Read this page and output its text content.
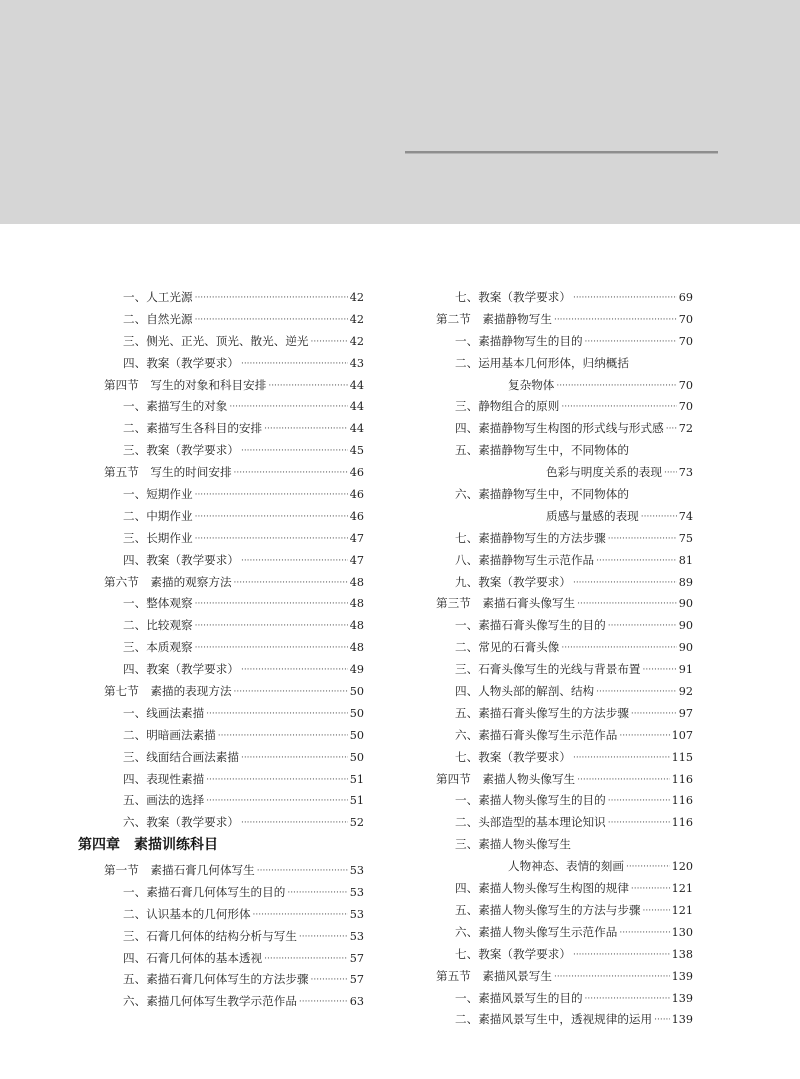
一、人工光源 ·····	42
二、自然光源 ·····	42
三、侧光、正光、顶光、散光、逆光 ·····	42
四、教案（教学要求） ·····	43
第四节　写生的对象和科目安排 ·····	44
一、素描写生的对象 ·····	44
二、素描写生各科目的安排 ·····	44
三、教案（教学要求） ·····	45
第五节　写生的时间安排 ·····	46
一、短期作业 ·····	46
二、中期作业 ·····	46
三、长期作业 ·····	47
四、教案（教学要求） ·····	47
第六节　素描的观察方法 ·····	48
一、整体观察 ·····	48
二、比较观察 ·····	48
三、本质观察 ·····	48
四、教案（教学要求） ·····	49
第七节　素描的表现方法 ·····	50
一、线画法素描 ·····	50
二、明暗画法素描 ·····	50
三、线面结合画法素描 ·····	50
四、表现性素描 ·····	51
五、画法的选择 ·····	51
六、教案（教学要求） ·····	52
第四章　素描训练科目
第一节　素描石膏几何体写生 ·····	53
一、素描石膏几何体写生的目的 ·····	53
二、认识基本的几何形体 ·····	53
三、石膏几何体的结构分析与写生 ·····	53
四、石膏几何体的基本透视 ·····	57
五、素描石膏几何体写生的方法步骤 ·····	57
六、素描几何体写生教学示范作品 ·····	63
七、教案（教学要求） ·····	69
第二节　素描静物写生 ·····	70
一、素描静物写生的目的 ·····	70
二、运用基本几何形体，归纳概括
复杂物体 ·····	70
三、静物组合的原则 ·····	70
四、素描静物写生构图的形式线与形式感 ····· 72
五、素描静物写生中，不同物体的
色彩与明度关系的表现 ····· 73
六、素描静物写生中，不同物体的
质感与量感的表现 ·····	74
七、素描静物写生的方法步骤 ·····	75
八、素描静物写生示范作品 ·····	81
九、教案（教学要求） ·····	89
第三节　素描石膏头像写生 ·····	90
一、素描石膏头像写生的目的 ·····	90
二、常见的石膏头像 ·····	90
三、石膏头像写生的光线与背景布置 ·····	91
四、人物头部的解剖、结构 ·····	92
五、素描石膏头像写生的方法步骤 ·····	97
六、素描石膏头像写生示范作品 ·····	107
七、教案（教学要求） ·····	115
第四节　素描人物头像写生 ·····	116
一、素描人物头像写生的目的 ·····	116
二、头部造型的基本理论知识 ·····	116
三、素描人物头像写生
人物神态、表情的刻画 ·····	120
四、素描人物头像写生构图的规律 ·····	121
五、素描人物头像写生的方法与步骤 ·····	121
六、素描人物头像写生示范作品 ·····	130
七、教案（教学要求） ·····	138
第五节　素描风景写生 ·····	139
一、素描风景写生的目的 ·····	139
二、素描风景写生中，透视规律的运用 ····· 139
